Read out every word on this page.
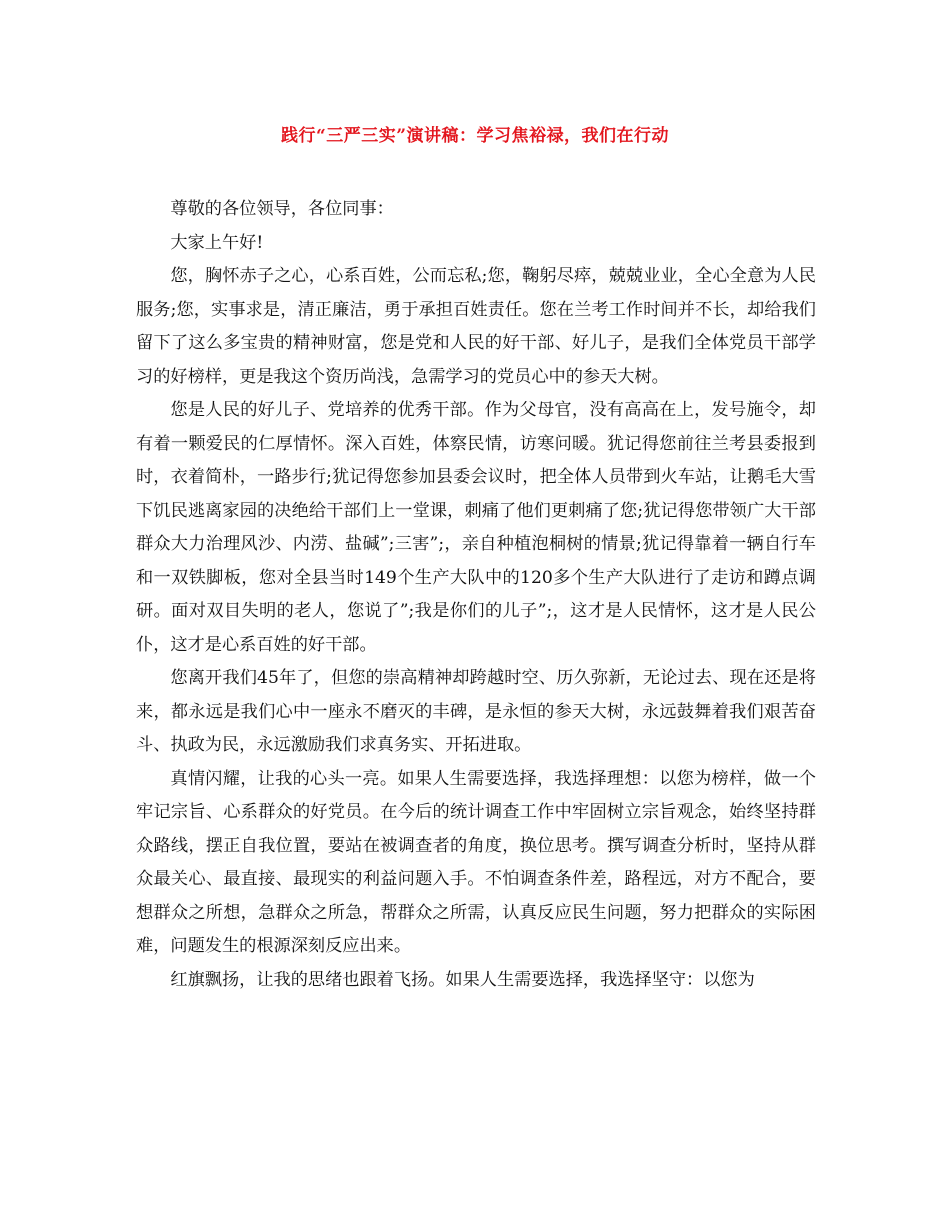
践行“三严三实”演讲稿：学习焦裕禄，我们在行动

尊敬的各位领导，各位同事：

大家上午好!

您，胸怀赤子之心，心系百姓，公而忘私;您，鞠躬尽瘁，兢兢业业，全心全意为人民服务;您，实事求是，清正廉洁，勇于承担百姓责任。您在兰考工作时间并不长，却给我们留下了这么多宝贵的精神财富，您是党和人民的好干部、好儿子，是我们全体党员干部学习的好榜样，更是我这个资历尚浅，急需学习的党员心中的参天大树。

您是人民的好儿子、党培养的优秀干部。作为父母官，没有高高在上，发号施令，却有着一颗爱民的仁厚情怀。深入百姓，体察民情，访寒问暖。犹记得您前往兰考县委报到时，衣着简朴，一路步行;犹记得您参加县委会议时，把全体人员带到火车站，让鹅毛大雪下饥民逃离家园的决绝给干部们上一堂课，刺痛了他们更刺痛了您;犹记得您带领广大干部群众大力治理风沙、内涝、盐碱”;三害”;，亲自种植泡桐树的情景;犹记得靠着一辆自行车和一双铁脚板，您对全县当时149个生产大队中的120多个生产大队进行了走访和蹲点调研。面对双目失明的老人，您说了”;我是你们的儿子”;，这才是人民情怀，这才是人民公仆，这才是心系百姓的好干部。

您离开我们45年了，但您的崇高精神却跨越时空、历久弥新，无论过去、现在还是将来，都永远是我们心中一座永不磨灭的丰碑，是永恒的参天大树，永远鼓舞着我们艰苦奋斗、执政为民，永远激励我们求真务实、开拓进取。

真情闪耀，让我的心头一亮。如果人生需要选择，我选择理想：以您为榜样，做一个牢记宗旨、心系群众的好党员。在今后的统计调查工作中牢固树立宗旨观念，始终坚持群众路线，摆正自我位置，要站在被调查者的角度，换位思考。撰写调查分析时，坚持从群众最关心、最直接、最现实的利益问题入手。不怕调查条件差，路程远，对方不配合，要想群众之所想，急群众之所急，帮群众之所需，认真反应民生问题，努力把群众的实际困难，问题发生的根源深刻反应出来。

红旗飘扬，让我的思绪也跟着飞扬。如果人生需要选择，我选择坚守：以您为
